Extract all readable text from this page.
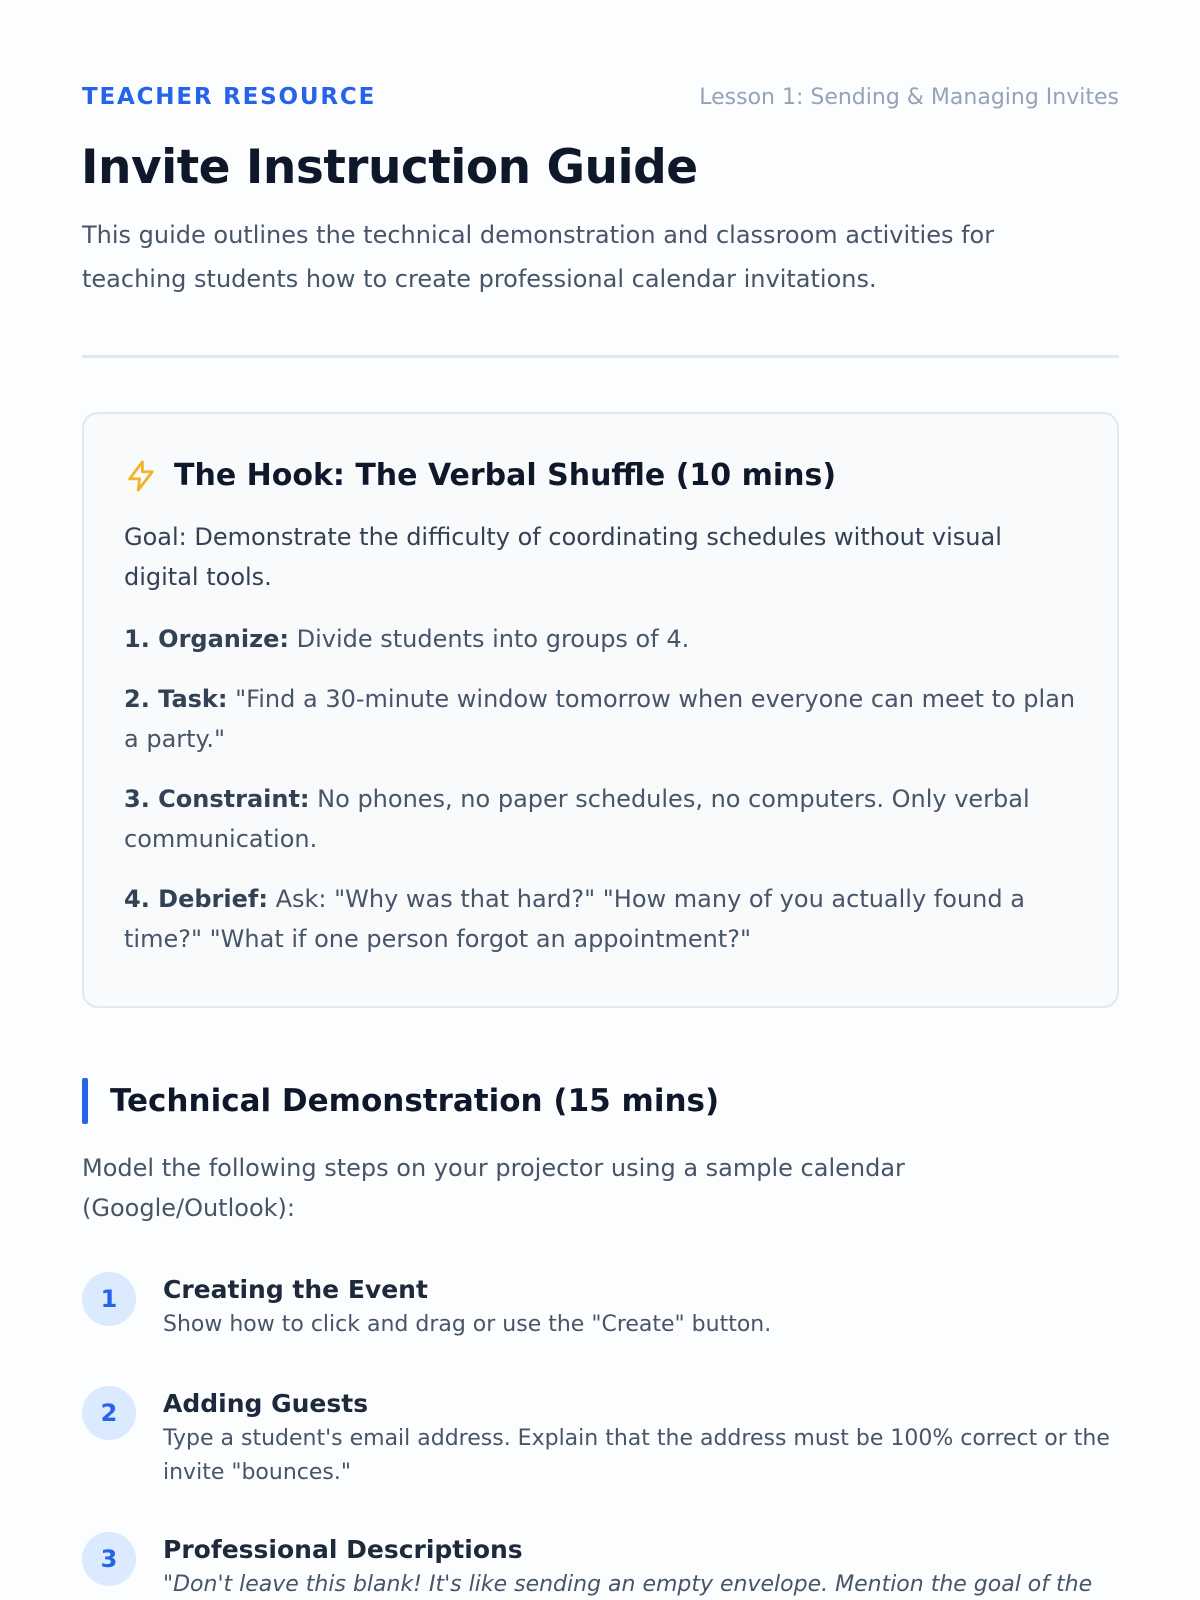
TEACHER RESOURCE	Lesson 1: Sending & Managing Invites
Invite Instruction Guide

This guide outlines the technical demonstration and classroom activities for teaching students how to create professional calendar invitations.

The Hook: The Verbal Shuffle (10 mins)

Goal: Demonstrate the difficulty of coordinating schedules without visual digital tools.

1. Organize: Divide students into groups of 4.

2. Task: "Find a 30-minute window tomorrow when everyone can meet to plan a party."

3. Constraint: No phones, no paper schedules, no computers. Only verbal communication.

4. Debrief: Ask: "Why was that hard?" "How many of you actually found a time?" "What if one person forgot an appointment?"

Technical Demonstration (15 mins)

Model the following steps on your projector using a sample calendar (Google/Outlook):

1	Creating the Event
Show how to click and drag or use the "Create" button.
2	Adding Guests
Type a student's email address. Explain that the address must be 100% correct or the invite "bounces."
3	Professional Descriptions
"Don't leave this blank! It's like sending an empty envelope. Mention the goal of the
